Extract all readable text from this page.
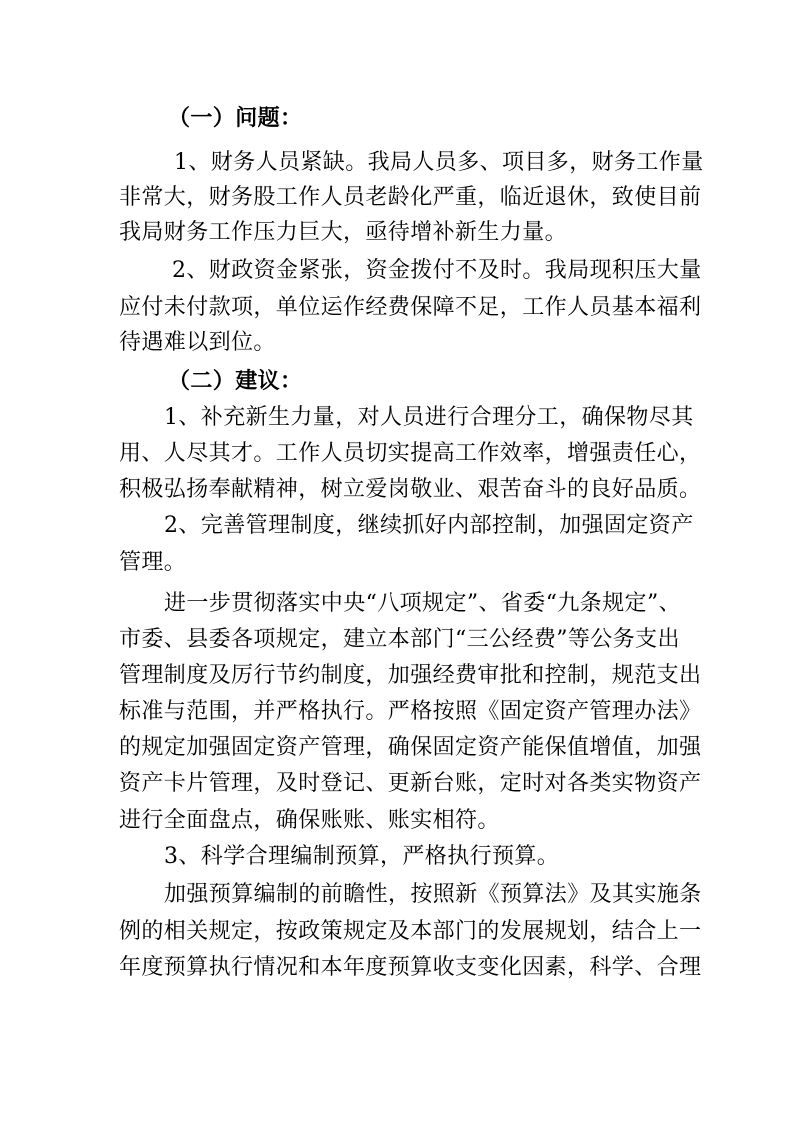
（一）问题：
1、财务人员紧缺。我局人员多、项目多，财务工作量
非常大，财务股工作人员老龄化严重，临近退休，致使目前
我局财务工作压力巨大，亟待增补新生力量。
2、财政资金紧张，资金拨付不及时。我局现积压大量
应付未付款项，单位运作经费保障不足，工作人员基本福利
待遇难以到位。
（二）建议：
1、补充新生力量，对人员进行合理分工，确保物尽其
用、人尽其才。工作人员切实提高工作效率，增强责任心，
积极弘扬奉献精神，树立爱岗敬业、艰苦奋斗的良好品质。
2、完善管理制度，继续抓好内部控制，加强固定资产
管理。
进一步贯彻落实中央“八项规定”、省委“九条规定”、
市委、县委各项规定，建立本部门“三公经费”等公务支出
管理制度及厉行节约制度，加强经费审批和控制，规范支出
标准与范围，并严格执行。严格按照《固定资产管理办法》
的规定加强固定资产管理，确保固定资产能保值增值，加强
资产卡片管理，及时登记、更新台账，定时对各类实物资产
进行全面盘点，确保账账、账实相符。
3、科学合理编制预算，严格执行预算。
加强预算编制的前瞻性，按照新《预算法》及其实施条
例的相关规定，按政策规定及本部门的发展规划，结合上一
年度预算执行情况和本年度预算收支变化因素，科学、合理
